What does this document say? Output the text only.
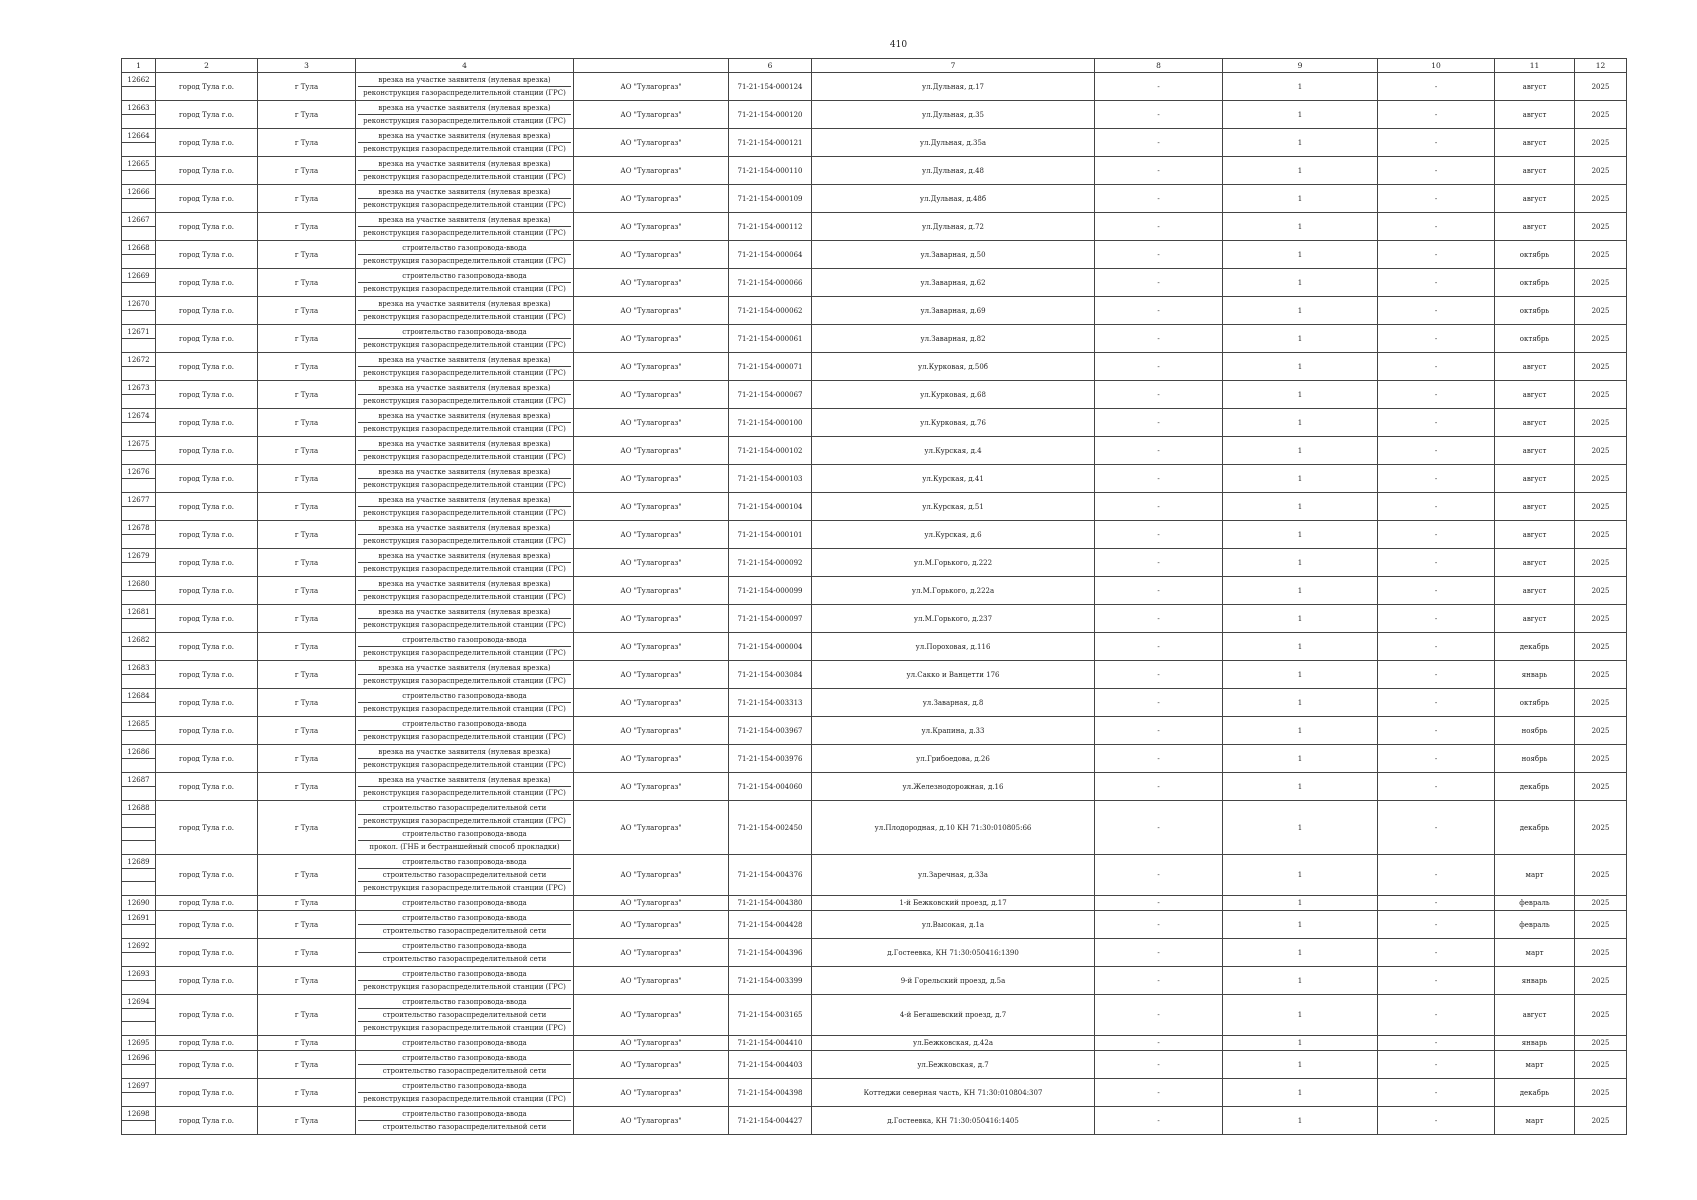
410
1	2	3	4		6	7	8	9	10	11	12

12662	город Тула г.о.	г Тула	врезка на участке заявителя (нулевая врезка)
реконструкция газораспределительной станции (ГРС)	АО "Тулагоргаз"	71-21-154-000124	ул.Дульная, д.17	-	1	-	август	2025

12663	город Тула г.о.	г Тула	врезка на участке заявителя (нулевая врезка)
реконструкция газораспределительной станции (ГРС)	АО "Тулагоргаз"	71-21-154-000120	ул.Дульная, д.35	-	1	-	август	2025

12664	город Тула г.о.	г Тула	врезка на участке заявителя (нулевая врезка)
реконструкция газораспределительной станции (ГРС)	АО "Тулагоргаз"	71-21-154-000121	ул.Дульная, д.35а	-	1	-	август	2025

12665	город Тула г.о.	г Тула	врезка на участке заявителя (нулевая врезка)
реконструкция газораспределительной станции (ГРС)	АО "Тулагоргаз"	71-21-154-000110	ул.Дульная, д.48	-	1	-	август	2025

12666	город Тула г.о.	г Тула	врезка на участке заявителя (нулевая врезка)
реконструкция газораспределительной станции (ГРС)	АО "Тулагоргаз"	71-21-154-000109	ул.Дульная, д.48б	-	1	-	август	2025

12667	город Тула г.о.	г Тула	врезка на участке заявителя (нулевая врезка)
реконструкция газораспределительной станции (ГРС)	АО "Тулагоргаз"	71-21-154-000112	ул.Дульная, д.72	-	1	-	август	2025

12668	город Тула г.о.	г Тула	строительство газопровода-ввода
реконструкция газораспределительной станции (ГРС)	АО "Тулагоргаз"	71-21-154-000064	ул.Заварная, д.50	-	1	-	октябрь	2025

12669	город Тула г.о.	г Тула	строительство газопровода-ввода
реконструкция газораспределительной станции (ГРС)	АО "Тулагоргаз"	71-21-154-000066	ул.Заварная, д.62	-	1	-	октябрь	2025

12670	город Тула г.о.	г Тула	врезка на участке заявителя (нулевая врезка)
реконструкция газораспределительной станции (ГРС)	АО "Тулагоргаз"	71-21-154-000062	ул.Заварная, д.69	-	1	-	октябрь	2025

12671	город Тула г.о.	г Тула	строительство газопровода-ввода
реконструкция газораспределительной станции (ГРС)	АО "Тулагоргаз"	71-21-154-000061	ул.Заварная, д.82	-	1	-	октябрь	2025

12672	город Тула г.о.	г Тула	врезка на участке заявителя (нулевая врезка)
реконструкция газораспределительной станции (ГРС)	АО "Тулагоргаз"	71-21-154-000071	ул.Курковая, д.50б	-	1	-	август	2025

12673	город Тула г.о.	г Тула	врезка на участке заявителя (нулевая врезка)
реконструкция газораспределительной станции (ГРС)	АО "Тулагоргаз"	71-21-154-000067	ул.Курковая, д.68	-	1	-	август	2025

12674	город Тула г.о.	г Тула	врезка на участке заявителя (нулевая врезка)
реконструкция газораспределительной станции (ГРС)	АО "Тулагоргаз"	71-21-154-000100	ул.Курковая, д.76	-	1	-	август	2025

12675	город Тула г.о.	г Тула	врезка на участке заявителя (нулевая врезка)
реконструкция газораспределительной станции (ГРС)	АО "Тулагоргаз"	71-21-154-000102	ул.Курская, д.4	-	1	-	август	2025

12676	город Тула г.о.	г Тула	врезка на участке заявителя (нулевая врезка)
реконструкция газораспределительной станции (ГРС)	АО "Тулагоргаз"	71-21-154-000103	ул.Курская, д.41	-	1	-	август	2025

12677	город Тула г.о.	г Тула	врезка на участке заявителя (нулевая врезка)
реконструкция газораспределительной станции (ГРС)	АО "Тулагоргаз"	71-21-154-000104	ул.Курская, д.51	-	1	-	август	2025

12678	город Тула г.о.	г Тула	врезка на участке заявителя (нулевая врезка)
реконструкция газораспределительной станции (ГРС)	АО "Тулагоргаз"	71-21-154-000101	ул.Курская, д.6	-	1	-	август	2025

12679	город Тула г.о.	г Тула	врезка на участке заявителя (нулевая врезка)
реконструкция газораспределительной станции (ГРС)	АО "Тулагоргаз"	71-21-154-000092	ул.М.Горького, д.222	-	1	-	август	2025

12680	город Тула г.о.	г Тула	врезка на участке заявителя (нулевая врезка)
реконструкция газораспределительной станции (ГРС)	АО "Тулагоргаз"	71-21-154-000099	ул.М.Горького, д.222а	-	1	-	август	2025

12681	город Тула г.о.	г Тула	врезка на участке заявителя (нулевая врезка)
реконструкция газораспределительной станции (ГРС)	АО "Тулагоргаз"	71-21-154-000097	ул.М.Горького, д.237	-	1	-	август	2025

12682	город Тула г.о.	г Тула	строительство газопровода-ввода
реконструкция газораспределительной станции (ГРС)	АО "Тулагоргаз"	71-21-154-000004	ул.Пороховая, д.116	-	1	-	декабрь	2025

12683	город Тула г.о.	г Тула	врезка на участке заявителя (нулевая врезка)
реконструкция газораспределительной станции (ГРС)	АО "Тулагоргаз"	71-21-154-003084	ул.Сакко и Ванцетти 176	-	1	-	январь	2025

12684	город Тула г.о.	г Тула	строительство газопровода-ввода
реконструкция газораспределительной станции (ГРС)	АО "Тулагоргаз"	71-21-154-003313	ул.Заварная, д.8	-	1	-	октябрь	2025

12685	город Тула г.о.	г Тула	строительство газопровода-ввода
реконструкция газораспределительной станции (ГРС)	АО "Тулагоргаз"	71-21-154-003967	ул.Крапина, д.33	-	1	-	ноябрь	2025

12686	город Тула г.о.	г Тула	врезка на участке заявителя (нулевая врезка)
реконструкция газораспределительной станции (ГРС)	АО "Тулагоргаз"	71-21-154-003976	ул.Грибоедова, д.26	-	1	-	ноябрь	2025

12687	город Тула г.о.	г Тула	врезка на участке заявителя (нулевая врезка)
реконструкция газораспределительной станции (ГРС)	АО "Тулагоргаз"	71-21-154-004060	ул.Железнодорожная, д.16	-	1	-	декабрь	2025

12688	город Тула г.о.	г Тула	строительство газораспределительной сети
реконструкция газораспределительной станции (ГРС)
строительство газопровода-ввода
прокол. (ГНБ и бестраншейный способ прокладки)	АО "Тулагоргаз"	71-21-154-002450	ул.Плодородная, д.10 КН 71:30:010805:66	-	1	-	декабрь	2025

12689	город Тула г.о.	г Тула	строительство газопровода-ввода
строительство газораспределительной сети
реконструкция газораспределительной станции (ГРС)	АО "Тулагоргаз"	71-21-154-004376	ул.Заречная, д.33а	-	1	-	март	2025

12690	город Тула г.о.	г Тула	строительство газопровода-ввода	АО "Тулагоргаз"	71-21-154-004380	1-й Бежковский проезд, д.17	-	1	-	февраль	2025

12691	город Тула г.о.	г Тула	строительство газопровода-ввода
строительство газораспределительной сети	АО "Тулагоргаз"	71-21-154-004428	ул.Высокая, д.1а	-	1	-	февраль	2025

12692	город Тула г.о.	г Тула	строительство газопровода-ввода
строительство газораспределительной сети	АО "Тулагоргаз"	71-21-154-004396	д.Гостеевка, КН 71:30:050416:1390	-	1	-	март	2025

12693	город Тула г.о.	г Тула	строительство газопровода-ввода
реконструкция газораспределительной станции (ГРС)	АО "Тулагоргаз"	71-21-154-003399	9-й Горельский проезд, д.5а	-	1	-	январь	2025

12694	город Тула г.о.	г Тула	строительство газопровода-ввода
строительство газораспределительной сети
реконструкция газораспределительной станции (ГРС)	АО "Тулагоргаз"	71-21-154-003165	4-й Бегашевский проезд, д.7	-	1	-	август	2025

12695	город Тула г.о.	г Тула	строительство газопровода-ввода	АО "Тулагоргаз"	71-21-154-004410	ул.Бежковская, д.42а	-	1	-	январь	2025

12696	город Тула г.о.	г Тула	строительство газопровода-ввода
строительство газораспределительной сети	АО "Тулагоргаз"	71-21-154-004403	ул.Бежковская, д.7	-	1	-	март	2025

12697	город Тула г.о.	г Тула	строительство газопровода-ввода
реконструкция газораспределительной станции (ГРС)	АО "Тулагоргаз"	71-21-154-004398	Коттеджи северная часть, КН 71:30:010804:307	-	1	-	декабрь	2025

12698	город Тула г.о.	г Тула	строительство газопровода-ввода
строительство газораспределительной сети	АО "Тулагоргаз"	71-21-154-004427	д.Гостеевка, КН 71:30:050416:1405	-	1	-	март	2025
